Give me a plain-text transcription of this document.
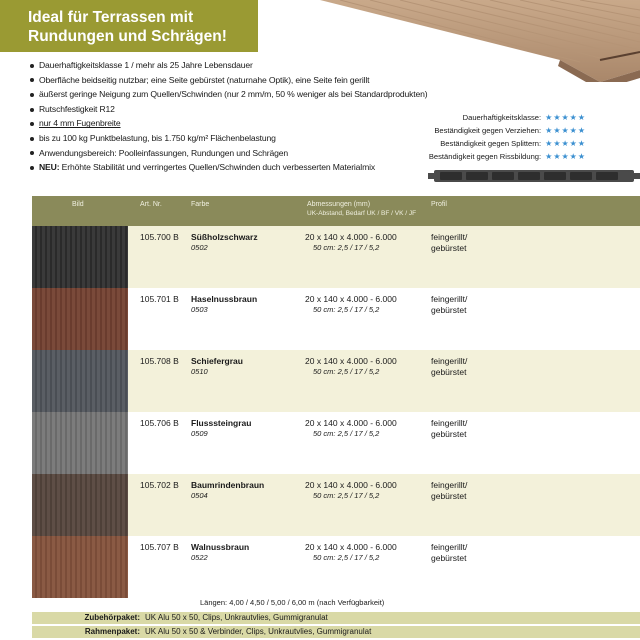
Ideal für Terrassen mit
Rundungen und Schrägen!
Dauerhaftigkeitsklasse 1 / mehr als 25 Jahre Lebensdauer
Oberfläche beidseitig nutzbar; eine Seite gebürstet (naturnahe Optik), eine Seite fein gerillt
äußerst geringe Neigung zum Quellen/Schwinden (nur 2 mm/m, 50 % weniger als bei Standardprodukten)
Rutschfestigkeit R12
nur 4 mm Fugenbreite
bis zu 100 kg Punktbelastung, bis 1.750 kg/m² Flächenbelastung
Anwendungsbereich: Poolleinfassungen, Rundungen und Schrägen
NEU: Erhöhte Stabilität und verringertes Quellen/Schwinden duch verbesserten Materialmix
Dauerhaftigkeitsklasse: ★★★★★
Beständigkeit gegen Verziehen: ★★★★★
Beständigkeit gegen Splittern: ★★★★★
Beständigkeit gegen Rissbildung: ★★★★★
Bild	Art. Nr.	Farbe	Abmessungen (mm)
UK-Abstand, Bedarf UK / BF / VK / JF
Profil
105.700 B Süßholzschwarz
0502
20 x 140 x 4.000 - 6.000
50 cm: 2,5 / 17 / 5,2
feingerillt/
gebürstet
105.701 B Haselnussbraun
0503
20 x 140 x 4.000 - 6.000
50 cm: 2,5 / 17 / 5,2
feingerillt/
gebürstet
105.708 B Schiefergrau
0510
20 x 140 x 4.000 - 6.000
50 cm: 2,5 / 17 / 5,2
feingerillt/
gebürstet
105.706 B Flusssteingrau
0509
20 x 140 x 4.000 - 6.000
50 cm: 2,5 / 17 / 5,2
feingerillt/
gebürstet
105.702 B Baumrindenbraun
0504
20 x 140 x 4.000 - 6.000
50 cm: 2,5 / 17 / 5,2
feingerillt/
gebürstet
105.707 B Walnussbraun
0522
20 x 140 x 4.000 - 6.000
50 cm: 2,5 / 17 / 5,2
feingerillt/
gebürstet
Längen: 4,00 / 4,50 / 5,00 / 6,00 m (nach Verfügbarkeit)
Zubehörpaket: UK Alu 50 x 50, Clips, Unkrautvlies, Gummigranulat
Rahmenpaket: UK Alu 50 x 50 & Verbinder, Clips, Unkrautvlies, Gummigranulat
